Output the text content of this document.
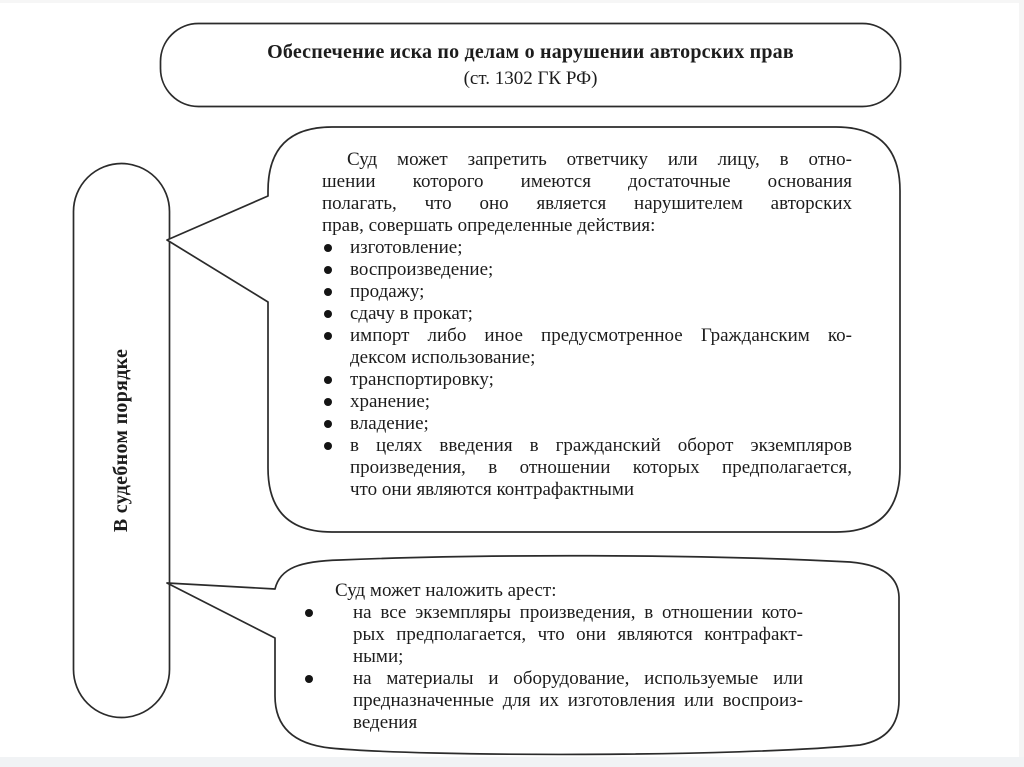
Обеспечение иска по делам о нарушении авторских прав
(ст. 1302 ГК РФ)
В судебном порядке
Суд может запретить ответчику или лицу, в отно-
шении которого имеются достаточные основания
полагать, что оно является нарушителем авторских
прав, совершать определенные действия:
изготовление;
воспроизведение;
продажу;
сдачу в прокат;
импорт либо иное предусмотренное Гражданским ко-
дексом использование;
транспортировку;
хранение;
владение;
в целях введения в гражданский оборот экземпляров
произведения, в отношении которых предполагается,
что они являются контрафактными
Суд может наложить арест:
на все экземпляры произведения, в отношении кото-
рых предполагается, что они являются контрафакт-
ными;
на материалы и оборудование, используемые или
предназначенные для их изготовления или воспроиз-
ведения
